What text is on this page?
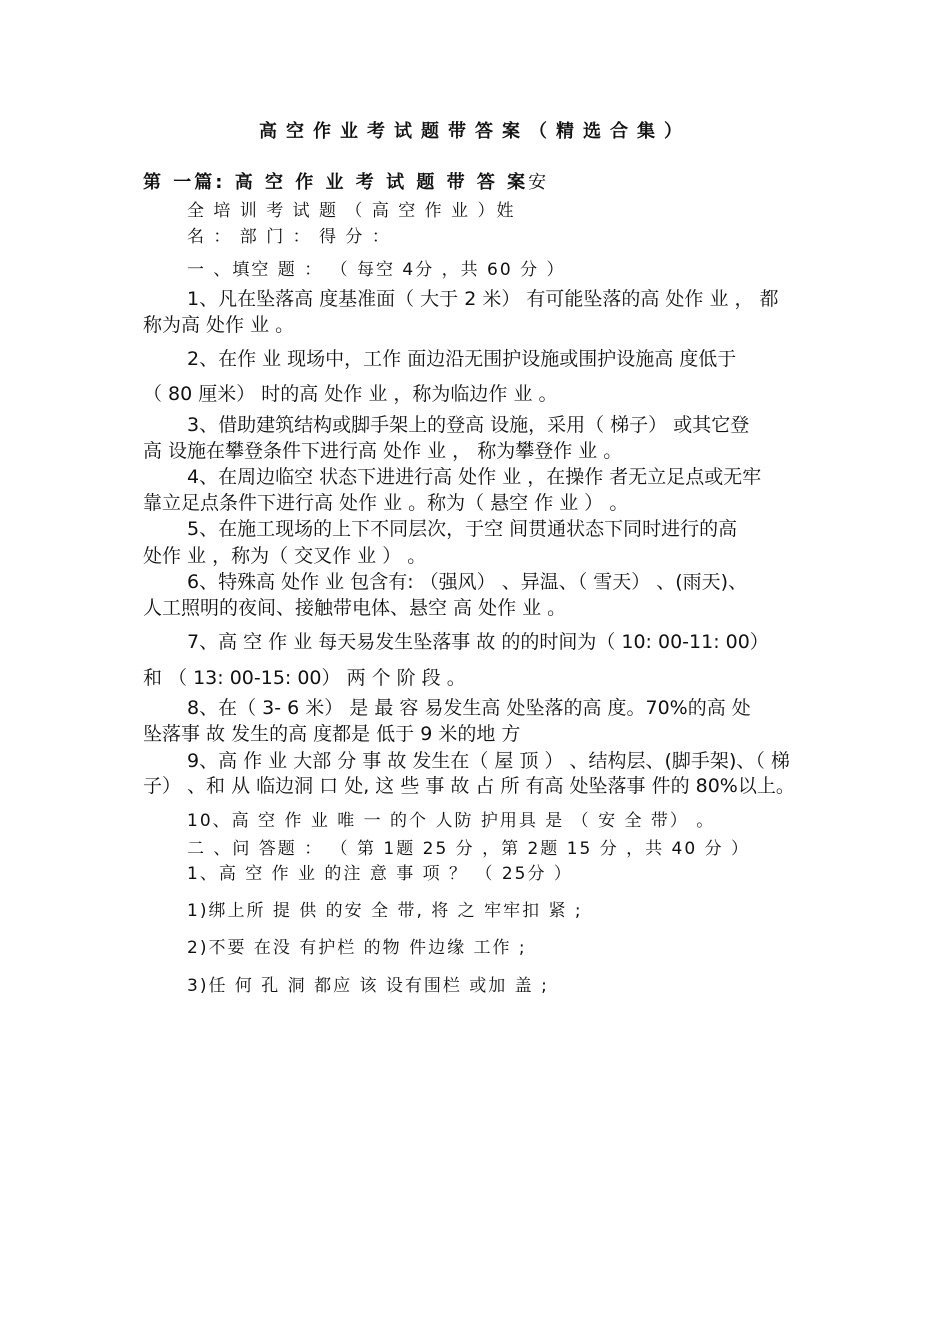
高空作业考试题带答案（精选合集）
第 一篇: 高 空 作 业 考 试 题 带 答 案安
全 培 训 考 试 题 （ 高 空 作 业 ）姓
名 ： 部 门 ： 得 分 ：
一 、填空 题 ： （ 每空 4分 ，共 60 分 ）
1、凡在坠落高 度基准面（ 大于 2 米） 有可能坠落的高 处作 业 ， 都
称为高 处作 业 。
2、在作 业 现场中，工作 面边沿无围护设施或围护设施高 度低于
（ 80 厘米） 时的高 处作 业 ，称为临边作 业 。
3、借助建筑结构或脚手架上的登高 设施，采用（ 梯子） 或其它登
高 设施在攀登条件下进行高 处作 业 ， 称为攀登作 业 。
4、在周边临空 状态下进进行高 处作 业 ，在操作 者无立足点或无牢
靠立足点条件下进行高 处作 业 。称为（ 悬空 作 业 ） 。
5、在施工现场的上下不同层次，于空 间贯通状态下同时进行的高
处作 业 ，称为（ 交叉作 业 ） 。
6、特殊高 处作 业 包含有: （强风） 、异温、（ 雪天） 、(雨天)、
人工照明的夜间、接触带电体、悬空 高 处作 业 。
7、高 空 作 业 每天易发生坠落事 故 的的时间为（ 10: 00-11: 00）
和 （ 13: 00-15: 00） 两 个 阶 段 。
8、在（ 3- 6 米） 是 最 容 易发生高 处坠落的高 度。70%的高 处
坠落事 故 发生的高 度都是 低于 9 米的地 方
9、高 作 业 大部 分 事 故 发生在（ 屋 顶 ） 、结构层、(脚手架)、（ 梯
子） 、和 从 临边洞 口 处, 这 些 事 故 占 所 有高 处坠落事 件的 80%以上。
10、高 空 作 业 唯 一 的个 人防 护用具 是 （ 安 全 带） 。
二 、问 答题 ： （ 第 1题 25 分 ，第 2题 15 分 ，共 40 分 ）
1、高 空 作 业 的注 意 事 项 ？ （ 25分 ）
1)绑上所 提 供 的安 全 带, 将 之 牢牢扣 紧 ;
2)不要 在没 有护栏 的物 件边缘 工作 ;
3)任 何 孔 洞 都应 该 设有围栏 或加 盖 ;
